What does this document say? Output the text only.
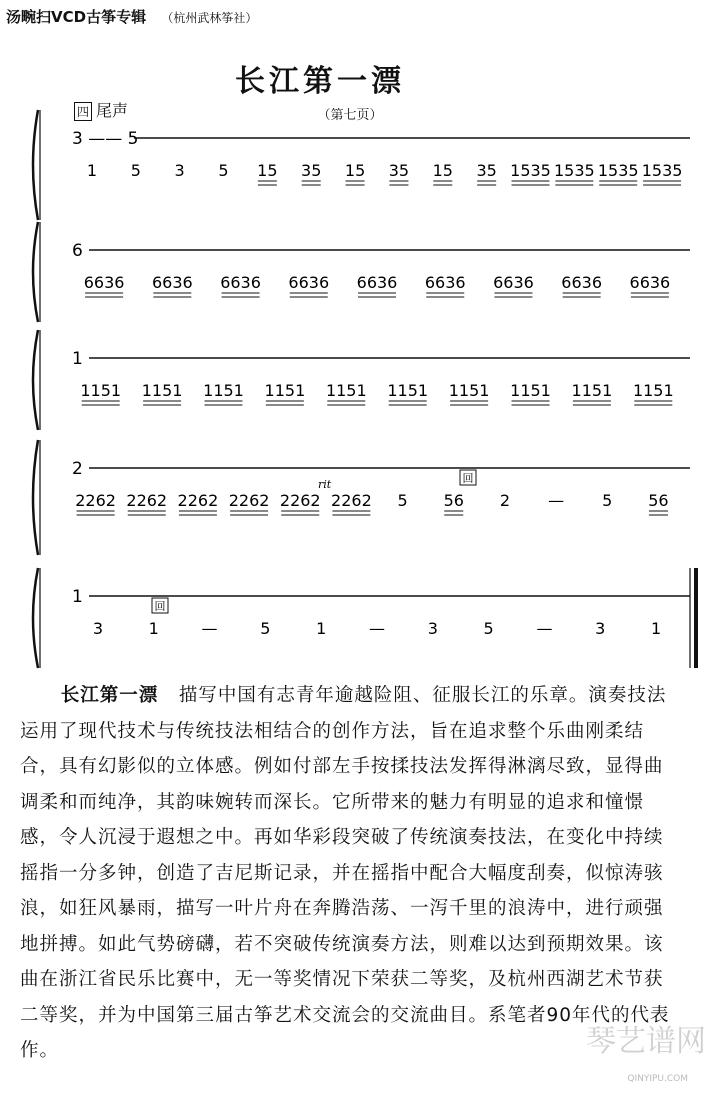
汤畹扫VCD古筝专辑 （杭州武林筝社）
长江第一漂
（第七页）
四 尾声
3 —— 5
1 5 3 5 15 35 15 35 15 35 1535 1535 1535 1535
6
6636 6636 6636 6636 6636 6636 6636 6636 6636
1
1151 1151 1151 1151 1151 1151 1151 1151 1151 1151
2
2262 2262 2262 2262 2262 2262 5 56 2 — 5 56
rit	回
1
3	1	—	5	1	—	3	5	—	3	1
回

长江第一漂 描写中国有志青年逾越险阻、征服长江的乐章。演奏技法运用了现代技术与传统技法相结合的创作方法，旨在追求整个乐曲刚柔结合，具有幻影似的立体感。例如付部左手按揉技法发挥得淋漓尽致，显得曲调柔和而纯净，其韵味婉转而深长。它所带来的魅力有明显的追求和憧憬感，令人沉浸于遐想之中。再如华彩段突破了传统演奏技法，在变化中持续摇指一分多钟，创造了吉尼斯记录，并在摇指中配合大幅度刮奏，似惊涛骇浪，如狂风暴雨，描写一叶片舟在奔腾浩荡、一泻千里的浪涛中，进行顽强地拼搏。如此气势磅礴，若不突破传统演奏方法，则难以达到预期效果。该曲在浙江省民乐比赛中，无一等奖情况下荣获二等奖，及杭州西湖艺术节获二等奖，并为中国第三届古筝艺术交流会的交流曲目。系笔者90年代的代表作。	琴艺谱网
QINYIPU.COM
